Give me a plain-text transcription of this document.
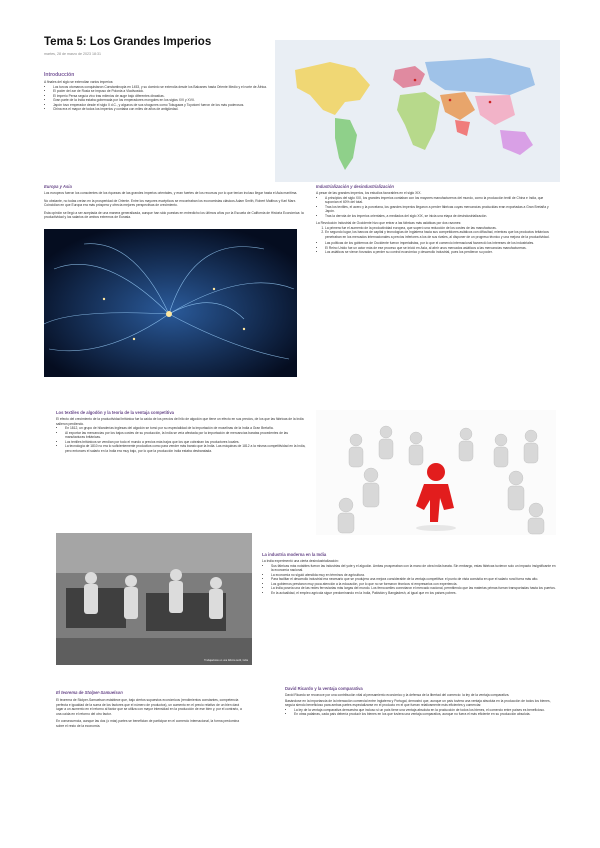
Tema 5: Los Grandes Imperios
martes, 28 de marzo de 2023 18:31
Introducción

A finales del siglo se extendían varios imperios:

• Los turcos otomanos conquistaron Constantinopla en 1453, y su dominio se extendía desde los Balcanes hasta Oriente Medio y el norte de África.
• El poder del zar de Rusia se impuso de Polonia a Vladivostok.
• El imperio Persa seguía vivo tras milenios de auge bajo diferentes dinastías.
• Gran parte de la India estaba gobernada por los emperadores mongoles en los siglos XVI y XVII.
• Japón tuvo emperador desde el siglo II d.C., y algunos de sus shogunes como Tokugawa y Toyotomi fueron de los más poderosos.
• China era el mayor de todos los imperios y contaba con miles de años de antigüedad.
Europa y Asia

Los europeos fueron los conscientes de los riquezas de las grandes imperios orientales, y eran fuertes de los recursos por lo que tenían incluso llegar hasta el Asia marítima.

No obstante, no todas creían en la prosperidad de Oriente. Entre los mayores escépticos se encontraban los economistas clásicos Adam Smith, Robert Malthus y Karl Marx. Coincidían en que Europa era más próspera y ofrecía mejores perspectivas de crecimiento.

Esta opinión se llegó a ser aceptada de una manera generalizada, aunque han sido puestas en entredicho los últimos años por la Escuela de California de Historia Económica: la productividad y los salarios de ambos extremos de Eurasia.

Industrialización y desindustrialización

A pesar de las grandes imperios, los estudios favorables en el siglo XIX.

• A principios del siglo XIX, los grandes imperios contaban con los mayores manufactureros del mundo, como la producción textil de China e India, que suponían el 60% del total.
• Tras los textiles, el acero y la porcelana, los grandes imperios llegaron a perder fábricas cuyas mercancías producidas eran exportadas a Gran Bretaña y Japón.
• Tras la derrota de los imperios orientales, a mediados del siglo XIX, se inicia una etapa de desindustrialización.

La Revolución Industrial de Occidente hizo que entrar a las fábricas más asiáticas por dos razones:

1. La primera fue el aumento de la productividad europea, que superó una reducción de los costes de las manufacturas.
2. En segundo lugar, los bancos de capital y tecnologías de Inglaterra hacia sus competidores asiáticos con dificultad, mientras que los productos británicos penetraban en los mercados internacionales a precios inferiores a los de sus rivales, al disponer de un progreso técnico y una mejora de la productividad.
• Las políticas de los gobiernos de Occidente fueron imperialistas, por lo que el comercio internacional favoreció los intereses de los industriales.
• El Reino Unido fue un actor más de ese proceso que se inició en Asia, al abrir unos mercados asiáticos a las mercancías manufactureras.
• Los asiáticos se vieron forzados a perder su control económico y desarrollo industrial, pues los perdieron su poder.
Los textiles de algodón y la teoría de la ventaja competitiva

El efecto del crecimiento de la productividad británica fue la caída de los precios del hilo de algodón que tiene un efecto en sus precios, de los que las fábricas de la India salieron perdiendo.

• En 1812, un grupo de hilanderías inglesas del algodón se tomó por su especialidad de la importación de muselinas de la India a Gran Bretaña.
• Al exportar las mercancías por los bajos costes de su producción, la India se veía afectada por la importación de mercancías baratas procedentes de las manufacturas británicas.
• Los textiles británicos se vendían por todo el mundo a precios más bajos que los que cobraban los productores locales.
• La tecnología de 1810 no era lo suficientemente productiva como para vender más barato que la India. Las máquinas de 1812 a la misma competitividad en la India, pero entonces el salario en la India era muy bajo, por lo que la producción india estaba desbaratada.
La industria moderna en la India

La India experimentó una cierta desindustrialización:

• Sus fábricas más notables fueron las industrias del yute y el algodón. Ambas prosperaban con la mano de obra india barata. Sin embargo, estas fábricas tuvieron solo un impacto insignificante en la economía nacional.
• La economía no siguió atendida muy en términos de agricultura.
• Para facilitar el desarrollo industrial era necesario que se produjera una mejora considerable de la ventaja competitiva: el punto de vista consistía en que el salario rural fuera más alto.
• Los gobiernos prestaron muy poca atención a la educación, por lo que no se formaron técnicos ni empresarios con experiencia.
• La India poseía una de las redes ferroviarias más largas del mundo. Los ferrocarriles conectaron el mercado nacional, permitiendo que las materias primas fueran transportadas hasta los puertos.
• En la actualidad, el empleo agrícola sigue predominando en la India, Pakistán y Bangladesh, al igual que en los países pobres.
Trabajadoras en una fábrica textil, India
El teorema de Stolper-Samuelson

El teorema de Stolper-Samuelson establece que, bajo ciertos supuestos económicos (rendimientos constantes, competencia perfecta e igualdad de la suma de los factores que el número de productos), un aumento en el precio relativo de un bien dará lugar a un aumento en el retorno al factor que se utiliza con mayor intensidad en la producción de ese bien y, por el contrario, a una caída en el retorno del otro factor.

En consecuencia, aunque las dos (o más) partes se benefician de participar en el comercio internacional, la forma predomina sobre el resto de la economía.

David Ricardo y la ventaja comparativa

David Ricardo se reconoce por una contribución vital al pensamiento económico y la defensa de la libertad del comercio: la ley de la ventaja comparativa.

Basándose en la importancia de la interacción comercial entre Inglaterra y Portugal, demostró que, aunque un país tuviera una ventaja absoluta en la producción de todos los bienes, seguía siendo beneficioso para ambas partes especializarse en el producto en el que fueran relativamente más eficientes y comerciar.

• La ley de la ventaja comparativa demuestra que incluso si un país tiene una ventaja absoluta en la producción de todos los bienes, el comercio entre países es beneficioso.
• En otras palabras, cada país debería producir los bienes en los que tuviera una ventaja comparativa, aunque no fuera el más eficiente en su producción absoluta.
